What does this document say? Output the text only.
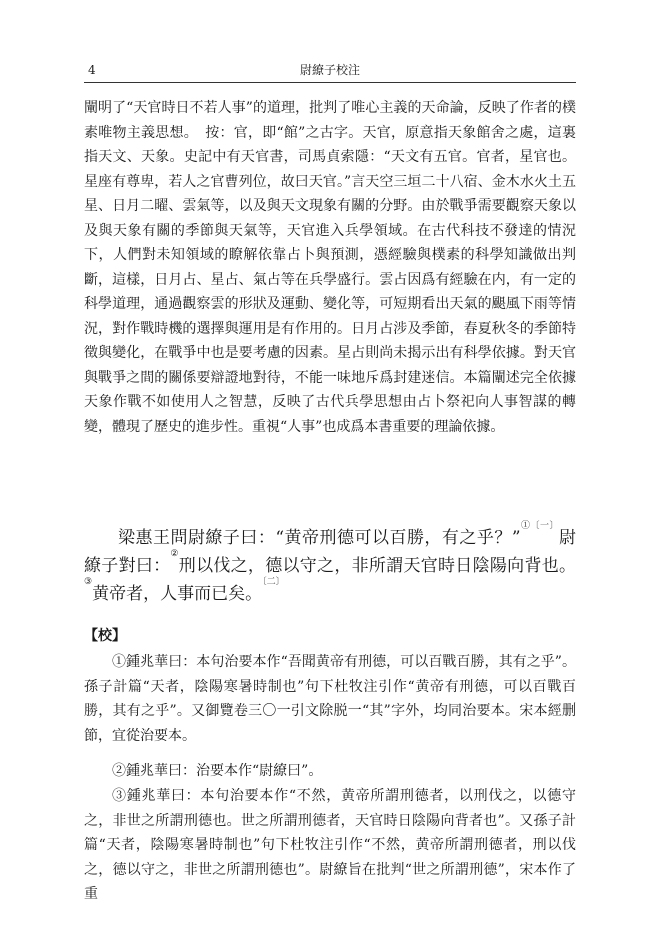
4	尉繚子校注

闡明了“天官時日不若人事”的道理，批判了唯心主義的天命論，反映了作者的樸素唯物主義思想。　按：官，即“館”之古字。天官，原意指天象館舍之處，這裏指天文、天象。史記中有天官書，司馬貞索隱：“天文有五官。官者，星官也。星座有尊卑，若人之官曹列位，故曰天官。”言天空三垣二十八宿、金木水火土五星、日月二曜、雲氣等，以及與天文現象有關的分野。由於戰爭需要觀察天象以及與天象有關的季節與天氣等，天官進入兵學領域。在古代科技不發達的情況下，人們對未知領域的瞭解依靠占卜與預測，憑經驗與樸素的科學知識做出判斷，這樣，日月占、星占、氣占等在兵學盛行。雲占因爲有經驗在内，有一定的科學道理，通過觀察雲的形狀及運動、變化等，可短期看出天氣的颶風下雨等情況，對作戰時機的選擇與運用是有作用的。日月占涉及季節，春夏秋冬的季節特徵與變化，在戰爭中也是要考慮的因素。星占則尚未揭示出有科學依據。對天官與戰爭之間的關係要辯證地對待，不能一味地斥爲封建迷信。本篇闡述完全依據天象作戰不如使用人之智慧，反映了古代兵學思想由占卜祭祀向人事智謀的轉變，體現了歷史的進步性。重視“人事”也成爲本書重要的理論依據。

梁惠王問尉繚子曰：“黄帝刑德可以百勝，有之乎？”$^{①〔一〕}$尉繚子對曰：②刑以伐之，德以守之，非所謂天官時日陰陽向背也。③黄帝者，人事而已矣。$^{〔二〕}$

【校】

①鍾兆華曰：本句治要本作“吾聞黄帝有刑德，可以百戰百勝，其有之乎”。孫子計篇“天者，陰陽寒暑時制也”句下杜牧注引作“黄帝有刑德，可以百戰百勝，其有之乎”。又御覽卷三〇一引文除脱一“其”字外，均同治要本。宋本經删節，宜從治要本。

②鍾兆華曰：治要本作“尉繚曰”。

③鍾兆華曰：本句治要本作“不然，黄帝所謂刑德者，以刑伐之，以德守之，非世之所謂刑德也。世之所謂刑德者，天官時日陰陽向背者也”。又孫子計篇“天者，陰陽寒暑時制也”句下杜牧注引作“不然，黄帝所謂刑德者，刑以伐之，德以守之，非世之所謂刑德也”。尉繚旨在批判“世之所謂刑德”，宋本作了重
